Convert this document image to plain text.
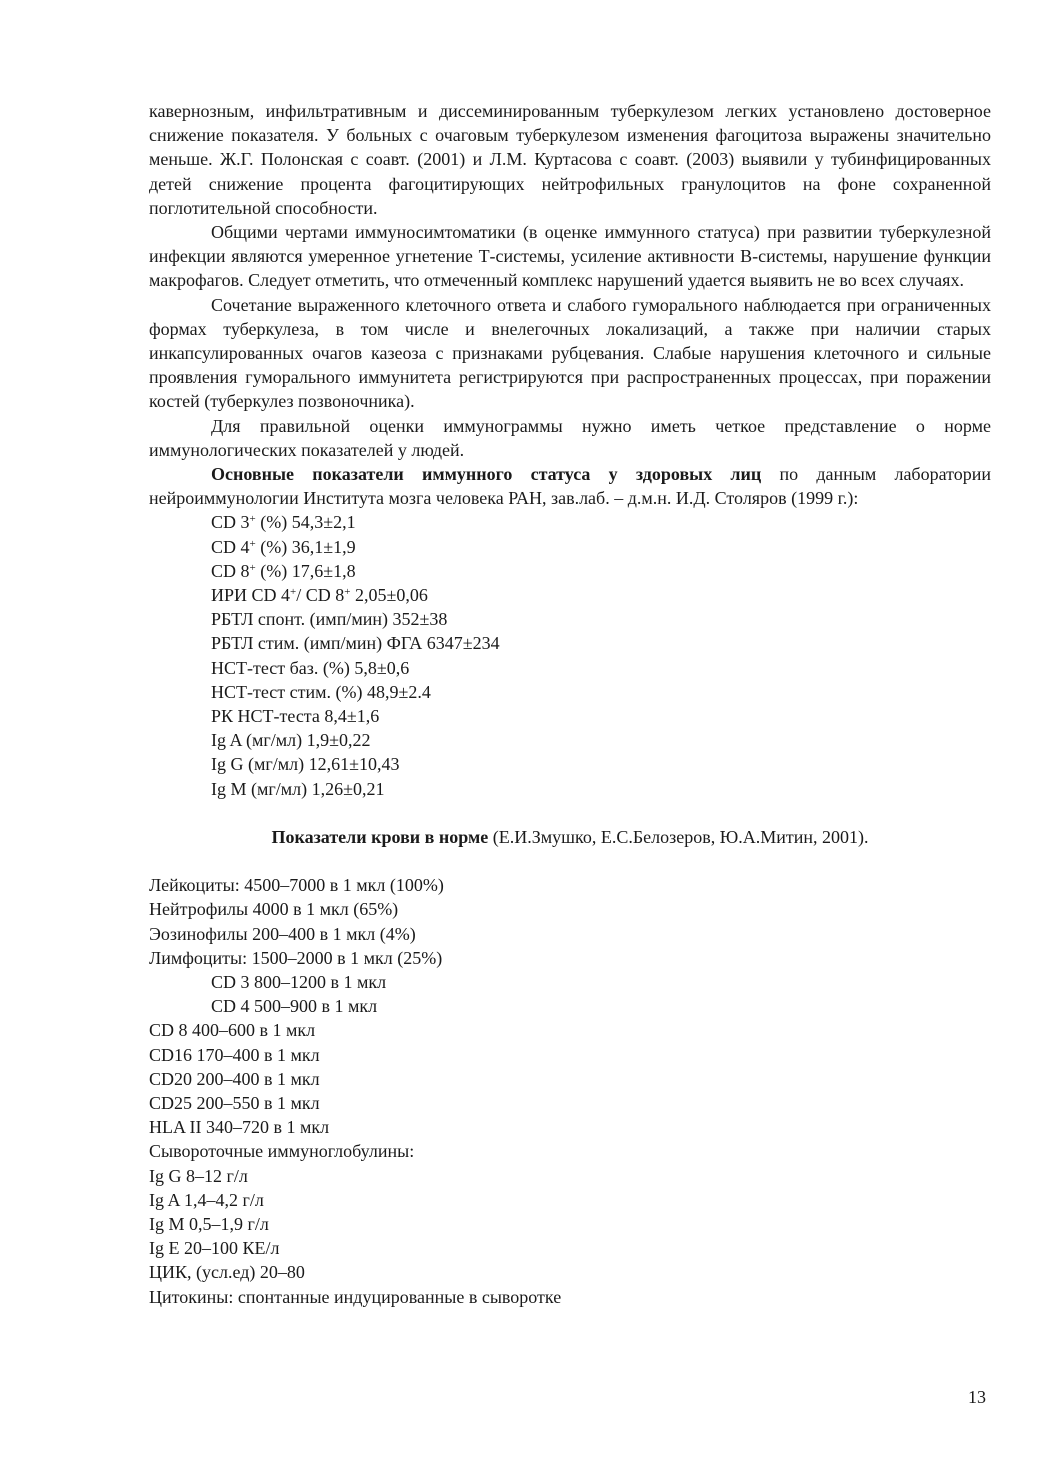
кавернозным, инфильтративным и диссеминированным туберкулезом легких установлено достоверное снижение показателя. У больных с очаговым туберкулезом изменения фагоцитоза выражены значительно меньше. Ж.Г. Полонская с соавт. (2001) и Л.М. Куртасова с соавт. (2003) выявили у тубинфицированных детей снижение процента фагоцитирующих нейтрофильных гранулоцитов на фоне сохраненной поглотительной способности.

Общими чертами иммуносимтоматики (в оценке иммунного статуса) при развитии туберкулезной инфекции являются умеренное угнетение Т-системы, усиление активности В-системы, нарушение функции макрофагов. Следует отметить, что отмеченный комплекс нарушений удается выявить не во всех случаях.

Сочетание выраженного клеточного ответа и слабого гуморального наблюдается при ограниченных формах туберкулеза, в том числе и внелегочных локализаций, а также при наличии старых инкапсулированных очагов казеоза с признаками рубцевания. Слабые нарушения клеточного и сильные проявления гуморального иммунитета регистрируются при распространенных процессах, при поражении костей (туберкулез позвоночника).

Для правильной оценки иммунограммы нужно иметь четкое представление о норме иммунологических показателей у людей.

Основные показатели иммунного статуса у здоровых лиц по данным лаборатории нейроиммунологии Института мозга человека РАН, зав.лаб. – д.м.н. И.Д. Столяров (1999 г.):

CD 3+ (%) 54,3±2,1
CD 4+ (%) 36,1±1,9
CD 8+ (%) 17,6±1,8
ИРИ CD 4+/ CD 8+ 2,05±0,06
РБТЛ спонт. (имп/мин) 352±38
РБТЛ стим. (имп/мин) ФГА 6347±234
НСТ-тест баз. (%) 5,8±0,6
НСТ-тест стим. (%) 48,9±2.4
РК НСТ-теста 8,4±1,6
Ig A (мг/мл) 1,9±0,22
Ig G (мг/мл) 12,61±10,43
Ig M (мг/мл) 1,26±0,21

Показатели крови в норме (Е.И.Змушко, Е.С.Белозеров, Ю.А.Митин, 2001).

Лейкоциты: 4500–7000 в 1 мкл (100%)
Нейтрофилы 4000 в 1 мкл (65%)
Эозинофилы 200–400 в 1 мкл (4%)
Лимфоциты: 1500–2000 в 1 мкл (25%)
CD 3 800–1200 в 1 мкл
CD 4 500–900 в 1 мкл
CD 8 400–600 в 1 мкл
CD16 170–400 в 1 мкл
CD20 200–400 в 1 мкл
CD25 200–550 в 1 мкл
HLA II 340–720 в 1 мкл
Сывороточные иммуноглобулины:
Ig G 8–12 г/л
Ig A 1,4–4,2 г/л
Ig M 0,5–1,9 г/л
Ig E 20–100 КЕ/л
ЦИК, (усл.ед) 20–80
Цитокины: спонтанные индуцированные в сыворотке
13
